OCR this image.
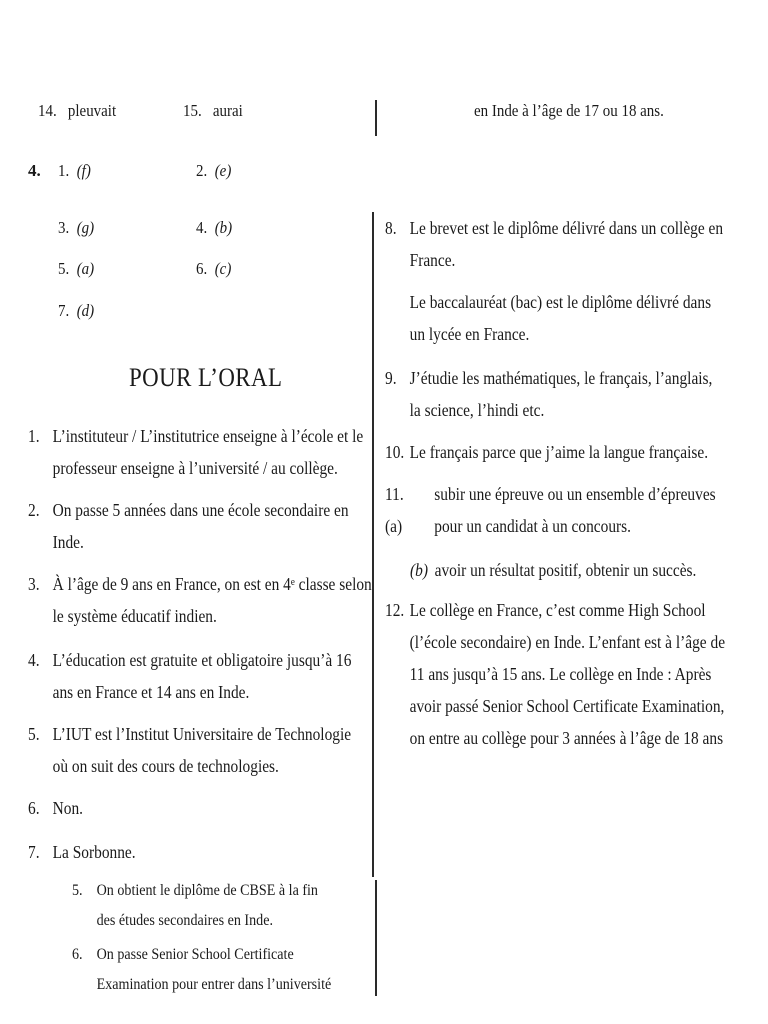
14. pleuvait	15. aurai	en Inde à l’âge de 17 ou 18 ans.
4. 1. (f)	2. (e)
3. (g)	4. (b)
5. (a)	6. (c)
7. (d)
POUR L’ORAL
1. L’instituteur / L’institutrice enseigne à l’école et le
professeur enseigne à l’université / au collège.
2. On passe 5 années dans une école secondaire en
Inde.
3. À l’âge de 9 ans en France, on est en 4ᵉ classe selon
le système éducatif indien.
4. L’éducation est gratuite et obligatoire jusqu’à 16
ans en France et 14 ans en Inde.
5. L’IUT est l’Institut Universitaire de Technologie
où on suit des cours de technologies.
6. Non.
7. La Sorbonne.
8. Le brevet est le diplôme délivré dans un collège en
France.
Le baccalauréat (bac) est le diplôme délivré dans
un lycée en France.
9. J’étudie les mathématiques, le français, l’anglais,
la science, l’hindi etc.
10. Le français parce que j’aime la langue française.
11. (a)
subir une épreuve ou un ensemble d’épreuves
pour un candidat à un concours.
(b) avoir un résultat positif, obtenir un succès.
12. Le collège en France, c’est comme High School
(l’école secondaire) en Inde. L’enfant est à l’âge de
11 ans jusqu’à 15 ans. Le collège en Inde : Après
avoir passé Senior School Certificate Examination,
on entre au collège pour 3 années à l’âge de 18 ans
5. On obtient le diplôme de CBSE à la fin
des études secondaires en Inde.
6. On passe Senior School Certificate
Examination pour entrer dans l’université
